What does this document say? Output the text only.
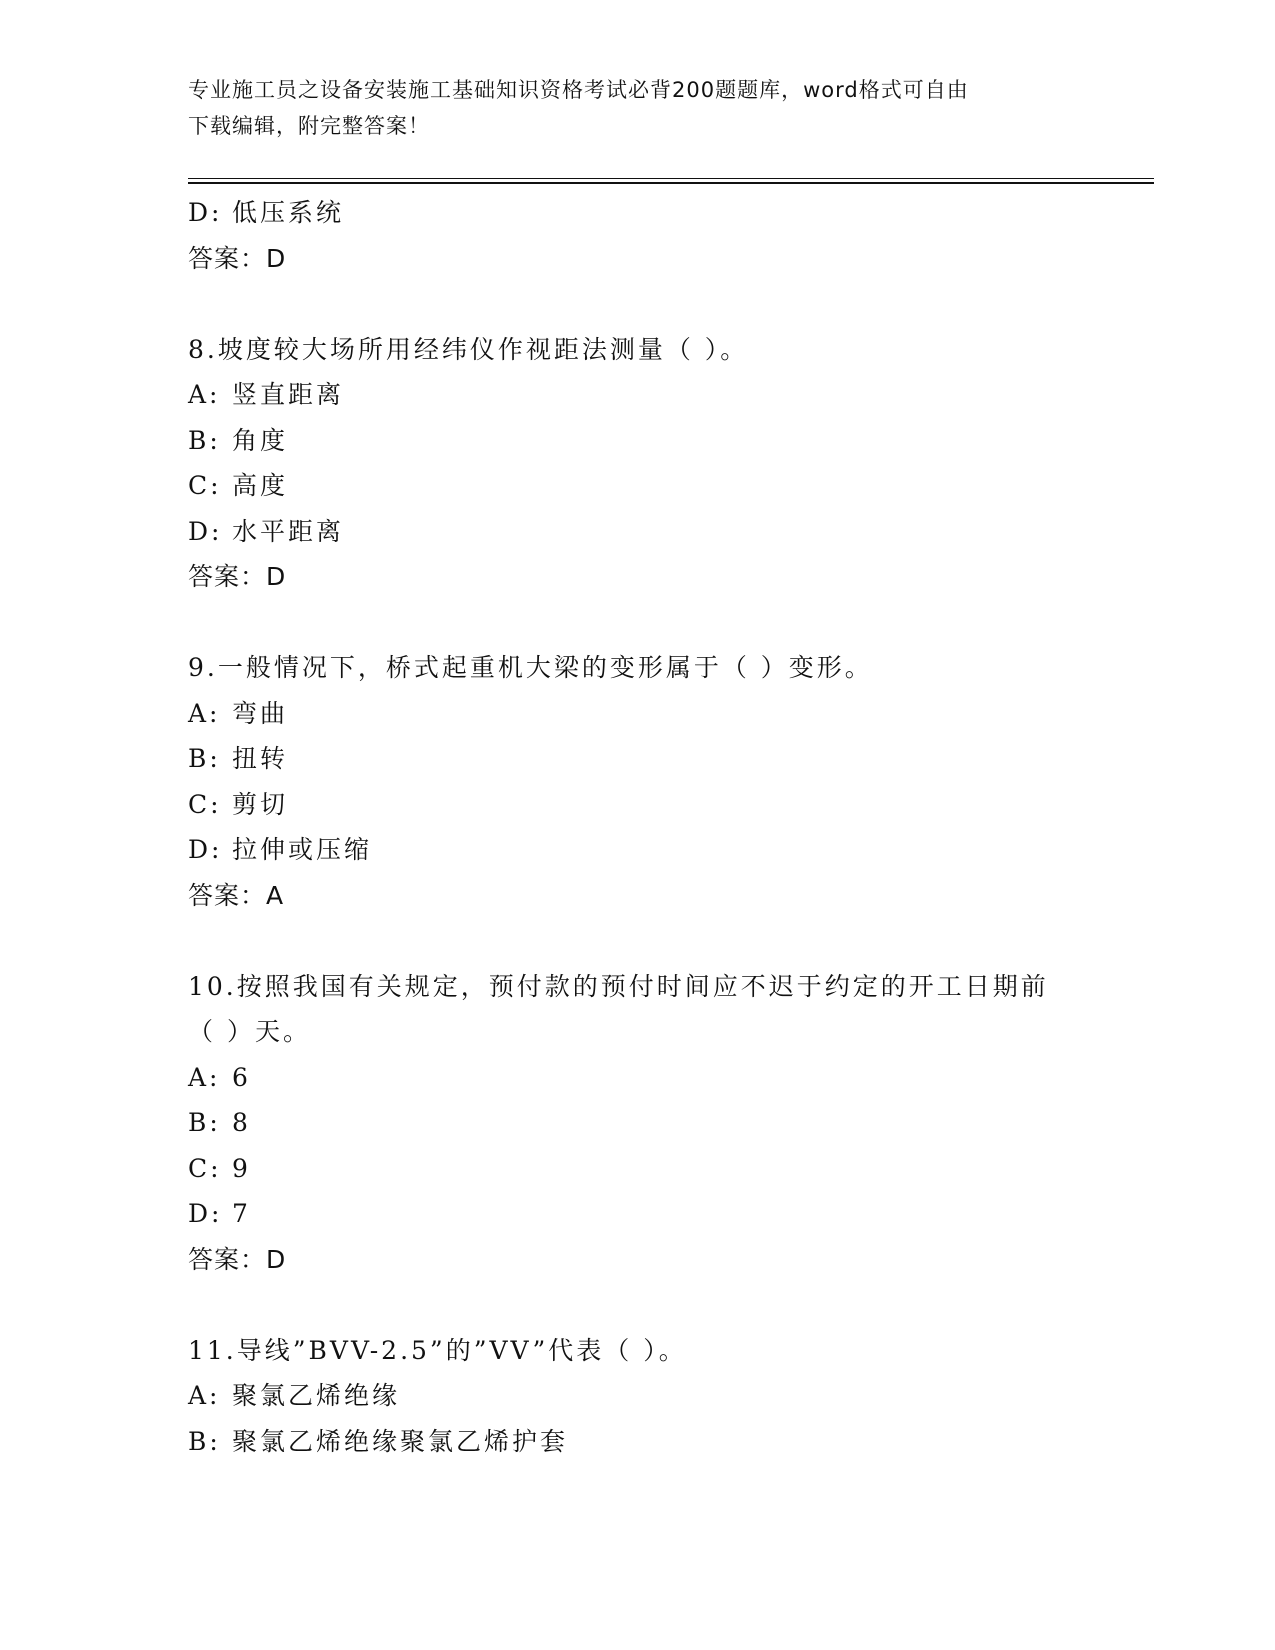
专业施工员之设备安装施工基础知识资格考试必背200题题库，word格式可自由
下载编辑，附完整答案！
D: 低压系统
答案：D
8.坡度较大场所用经纬仪作视距法测量（ ）。
A: 竖直距离
B: 角度
C: 高度
D: 水平距离
答案：D
9.一般情况下，桥式起重机大梁的变形属于（ ）变形。
A: 弯曲
B: 扭转
C: 剪切
D: 拉伸或压缩
答案：A
10.按照我国有关规定，预付款的预付时间应不迟于约定的开工日期前
（ ）天。
A: 6
B: 8
C: 9
D: 7
答案：D
11.导线”BVV-2.5”的”VV”代表（ ）。
A: 聚氯乙烯绝缘
B: 聚氯乙烯绝缘聚氯乙烯护套
